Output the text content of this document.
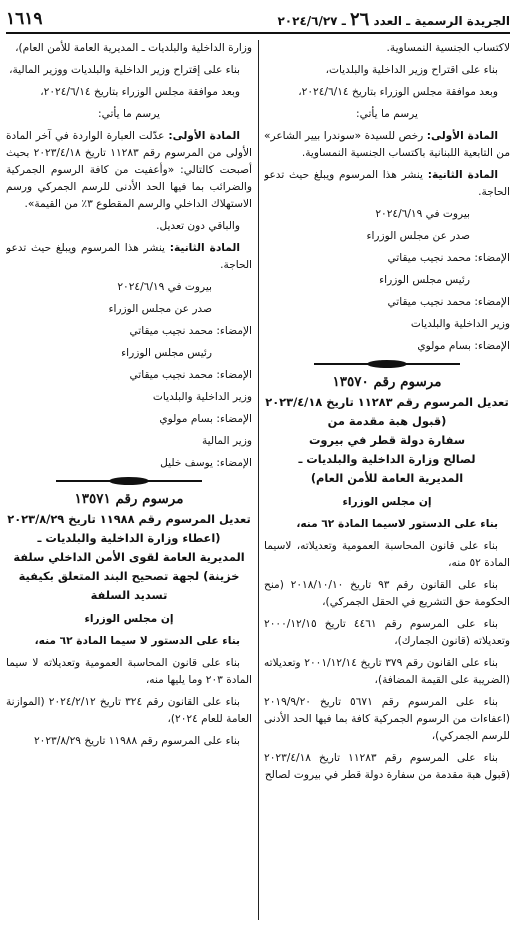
الجريدة الرسمية ـ العدد ٢٦ ـ ٢٠٢٤/٦/٢٧
١٦١٩

لاكتساب الجنسية النمساوية.

بناء على اقتراح وزير الداخلية والبلديات،

وبعد موافقة مجلس الوزراء بتاريخ ٢٠٢٤/٦/١٤،

يرسم ما يأتي:

المادة الأولى: رخص للسيدة «سوندرا بيير الشاعر» من التابعية اللبنانية باكتساب الجنسية النمساوية.

المادة الثانية: ينشر هذا المرسوم ويبلغ حيث تدعو الحاجة.

بيروت في ٢٠٢٤/٦/١٩

صدر عن مجلس الوزراء

الإمضاء: محمد نجيب ميقاتي

رئيس مجلس الوزراء

الإمضاء: محمد نجيب ميقاتي

وزير الداخلية والبلديات

الإمضاء: بسام مولوي

مرسوم رقم ١٣٥٧٠
تعديل المرسوم رقم ١١٢٨٣ تاريخ ٢٠٢٣/٤/١٨
(قبول هبة مقدمة من
سفارة دولة قطر في بيروت
لصالح وزارة الداخلية والبلديات ـ
المديرية العامة للأمن العام)

إن مجلس الوزراء

بناء على الدستور لاسيما المادة ٦٢ منه،

بناء على قانون المحاسبة العمومية وتعديلاته، لاسيما المادة ٥٢ منه،

بناء على القانون رقم ٩٣ تاريخ ٢٠١٨/١٠/١٠ (منح الحكومة حق التشريع في الحقل الجمركي)،

بناء على المرسوم رقم ٤٤٦١ تاريخ ٢٠٠٠/١٢/١٥ وتعديلاته (قانون الجمارك)،

بناء على القانون رقم ٣٧٩ تاريخ ٢٠٠١/١٢/١٤ وتعديلاته (الضريبة على القيمة المضافة)،

بناء على المرسوم رقم ٥٦٧١ تاريخ ٢٠١٩/٩/٢٠ (اعفاءات من الرسوم الجمركية كافة بما فيها الحد الأدنى للرسم الجمركي)،

بناء على المرسوم رقم ١١٢٨٣ تاريخ ٢٠٢٣/٤/١٨ (قبول هبة مقدمة من سفارة دولة قطر في بيروت لصالح

وزارة الداخلية والبلديات ـ المديرية العامة للأمن العام)،

بناء على إقتراح وزير الداخلية والبلديات ووزير المالية،

وبعد موافقة مجلس الوزراء بتاريخ ٢٠٢٤/٦/١٤،

يرسم ما يأتي:

المادة الأولى: عدّلت العبارة الواردة في آخر المادة الأولى من المرسوم رقم ١١٢٨٣ تاريخ ٢٠٢٣/٤/١٨ بحيث أصبحت كالتالي: «وأعفيت من كافة الرسوم الجمركية والضرائب بما فيها الحد الأدنى للرسم الجمركي ورسم الاستهلاك الداخلي والرسم المقطوع ٣٪ من القيمة».

والباقي دون تعديل.

المادة الثانية: ينشر هذا المرسوم ويبلغ حيث تدعو الحاجة.

بيروت في ٢٠٢٤/٦/١٩

صدر عن مجلس الوزراء

الإمضاء: محمد نجيب ميقاتي

رئيس مجلس الوزراء

الإمضاء: محمد نجيب ميقاتي

وزير الداخلية والبلديات

الإمضاء: بسام مولوي

وزير المالية

الإمضاء: يوسف خليل

مرسوم رقم ١٣٥٧١
تعديل المرسوم رقم ١١٩٨٨ تاريخ ٢٠٢٣/٨/٢٩
(اعطاء وزارة الداخلية والبلديات ـ
المديرية العامة لقوى الأمن الداخلي سلفة خزينة) لجهة تصحيح البند المتعلق بكيفية تسديد السلفة

إن مجلس الوزراء

بناء على الدستور لا سيما المادة ٦٢ منه،

بناء على قانون المحاسبة العمومية وتعديلاته لا سيما المادة ٢٠٣ وما يليها منه،

بناء على القانون رقم ٣٢٤ تاريخ ٢٠٢٤/٢/١٢ (الموازنة العامة للعام ٢٠٢٤)،

بناء على المرسوم رقم ١١٩٨٨ تاريخ ٢٠٢٣/٨/٢٩
